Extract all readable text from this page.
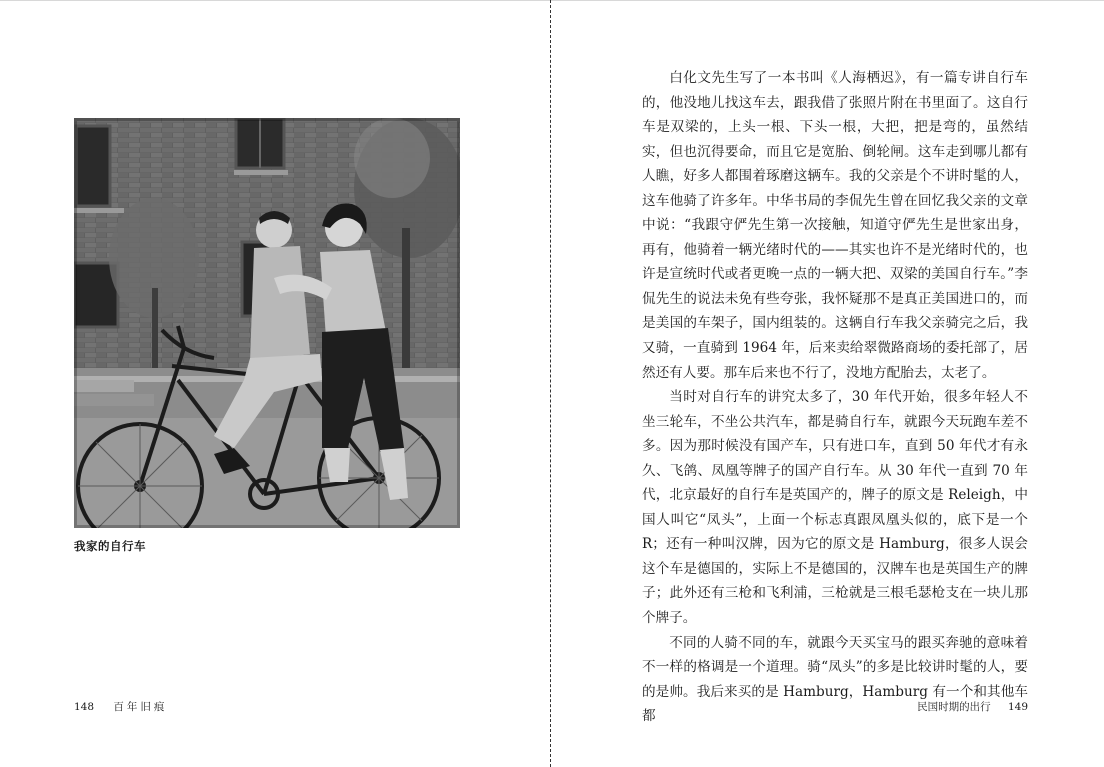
我家的自行车
148 百年旧痕

白化文先生写了一本书叫《人海栖迟》，有一篇专讲自行车的，他没地儿找这车去，跟我借了张照片附在书里面了。这自行车是双梁的，上头一根、下头一根，大把，把是弯的，虽然结实，但也沉得要命，而且它是宽胎、倒轮闸。这车走到哪儿都有人瞧，好多人都围着琢磨这辆车。我的父亲是个不讲时髦的人，这车他骑了许多年。中华书局的李侃先生曾在回忆我父亲的文章中说：“我跟守俨先生第一次接触，知道守俨先生是世家出身，再有，他骑着一辆光绪时代的——其实也许不是光绪时代的，也许是宣统时代或者更晚一点的一辆大把、双梁的美国自行车。”李侃先生的说法未免有些夸张，我怀疑那不是真正美国进口的，而是美国的车架子，国内组装的。这辆自行车我父亲骑完之后，我又骑，一直骑到 1964 年，后来卖给翠微路商场的委托部了，居然还有人要。那车后来也不行了，没地方配胎去，太老了。

当时对自行车的讲究太多了，30 年代开始，很多年轻人不坐三轮车，不坐公共汽车，都是骑自行车，就跟今天玩跑车差不多。因为那时候没有国产车，只有进口车，直到 50 年代才有永久、飞鸽、凤凰等牌子的国产自行车。从 30 年代一直到 70 年代，北京最好的自行车是英国产的，牌子的原文是 Releigh，中国人叫它“凤头”，上面一个标志真跟凤凰头似的，底下是一个 R；还有一种叫汉牌，因为它的原文是 Hamburg，很多人误会这个车是德国的，实际上不是德国的，汉牌车也是英国生产的牌子；此外还有三枪和飞利浦，三枪就是三根毛瑟枪支在一块儿那个牌子。

不同的人骑不同的车，就跟今天买宝马的跟买奔驰的意味着不一样的格调是一个道理。骑“凤头”的多是比较讲时髦的人，要的是帅。我后来买的是 Hamburg，Hamburg 有一个和其他车都

民国时期的出行 149
